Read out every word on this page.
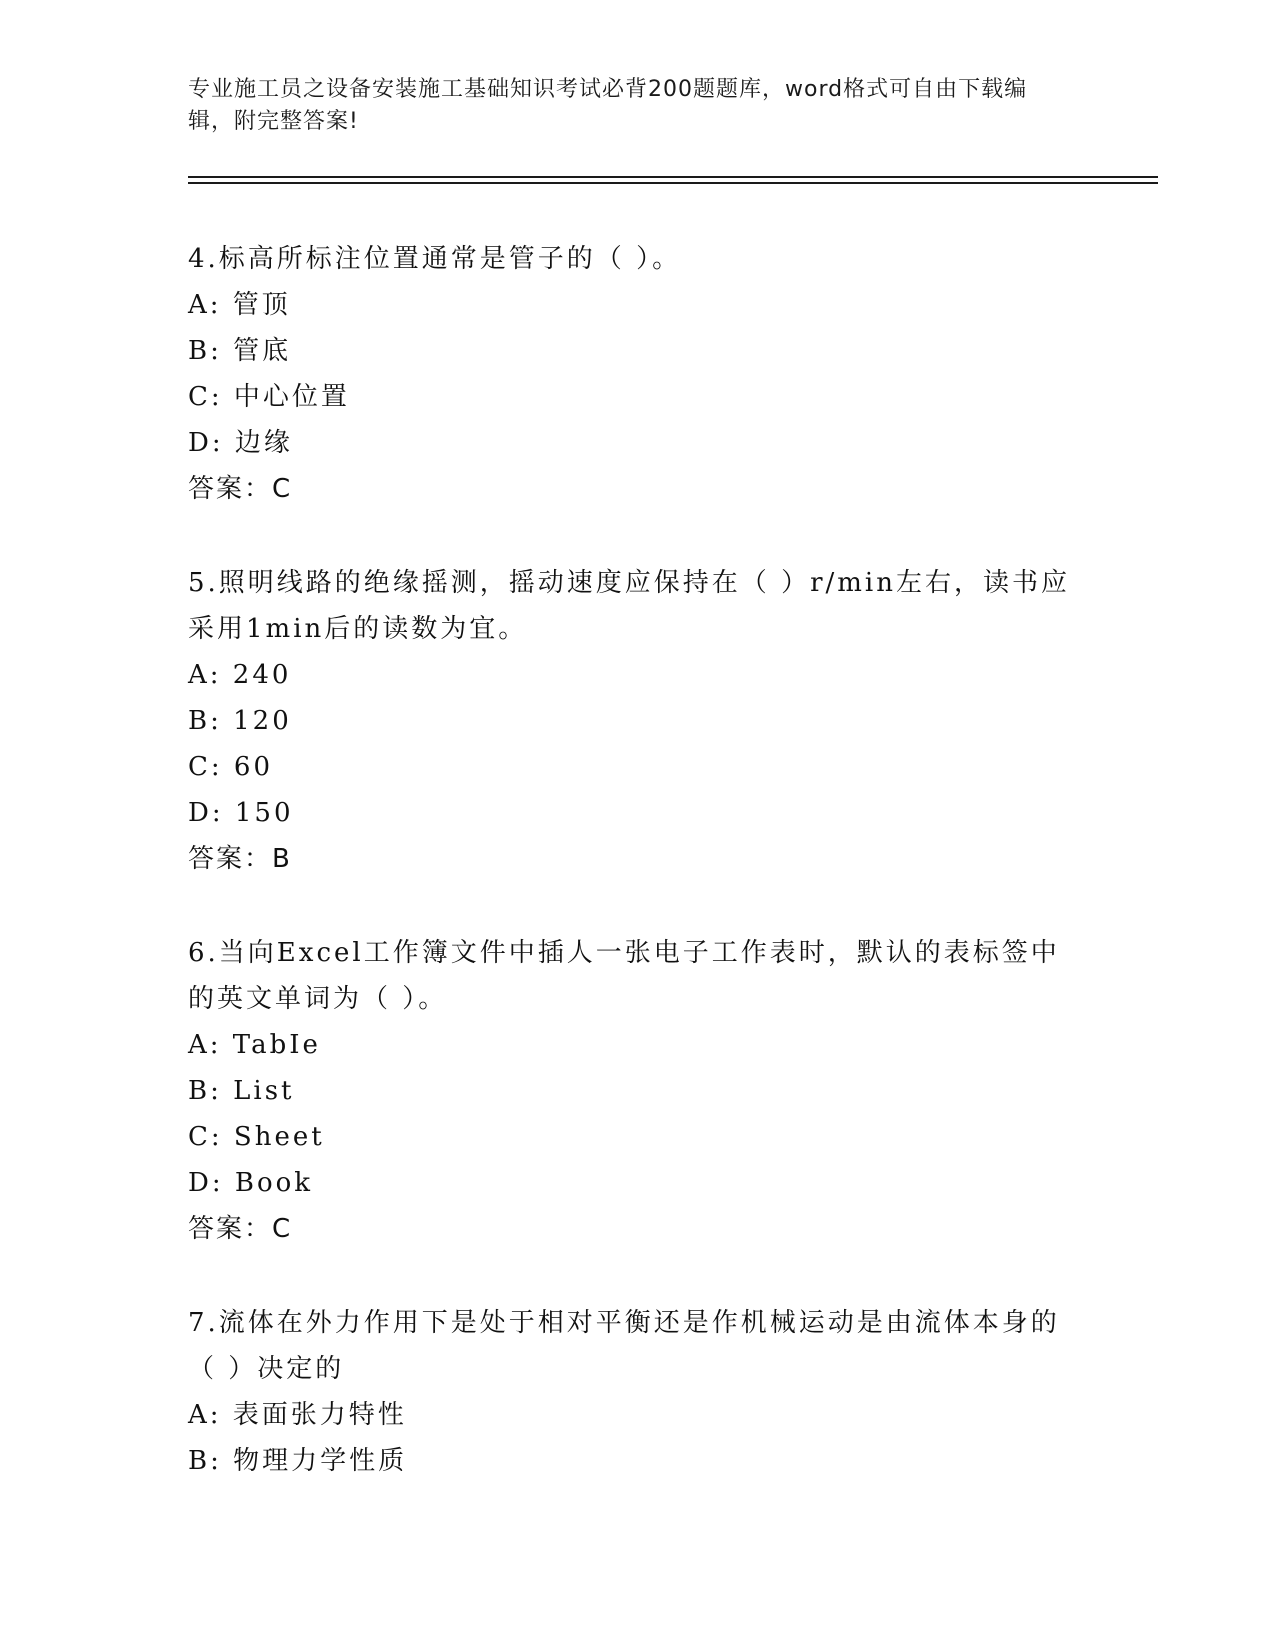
专业施工员之设备安装施工基础知识考试必背200题题库，word格式可自由下载编辑，附完整答案!
4.标高所标注位置通常是管子的（ ）。
A: 管顶
B: 管底
C: 中心位置
D: 边缘
答案：C
5.照明线路的绝缘摇测，摇动速度应保持在（ ）r/min左右，读书应采用1min后的读数为宜。
A: 240
B: 120
C: 60
D: 150
答案：B
6.当向Excel工作簿文件中插人一张电子工作表时，默认的表标签中的英文单词为（ ）。
A: TabIe
B: List
C: Sheet
D: Book
答案：C
7.流体在外力作用下是处于相对平衡还是作机械运动是由流体本身的（ ）决定的
A: 表面张力特性
B: 物理力学性质
